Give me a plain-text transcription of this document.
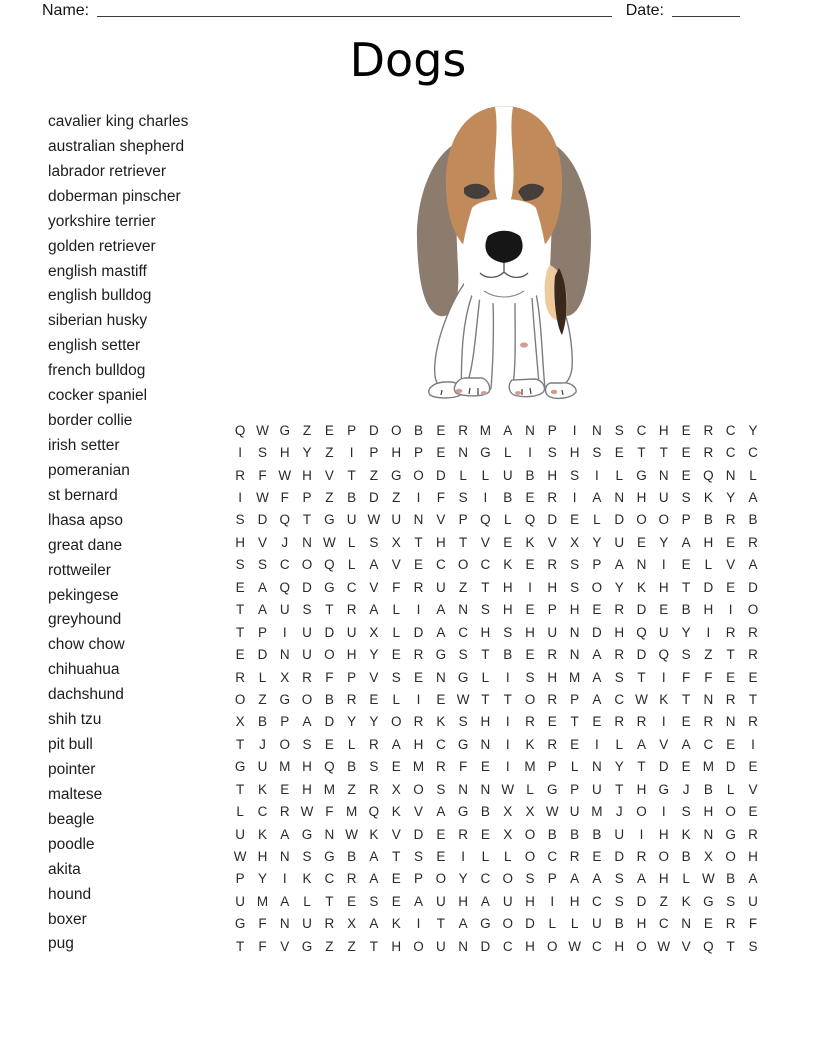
Name:	Date:
Dogs
cavalier king charles
australian shepherd
labrador retriever
doberman pinscher
yorkshire terrier
golden retriever
english mastiff
english bulldog
siberian husky
english setter
french bulldog
cocker spaniel
border collie
irish setter
pomeranian
st bernard
lhasa apso
great dane
rottweiler
pekingese
greyhound
chow chow
chihuahua
dachshund
shih tzu
pit bull
pointer
maltese
beagle
poodle
akita
hound
boxer
pug
Q W G Z	E P D O B E R M A N P	I	N S C H E R C Y
I	S H Y	Z	I	P H P E N G L	I	S H S E	T	T	E R C C
R F W H V	T	Z G O D	L	L	U B H S	I	L G N E Q N	L
I	W F	P	Z	B D Z	I	F	S	I	B E R	I	A N H U S K Y A
S D Q T G U W U N V P Q L Q D E	L	D O O P B R B
H V	J	N W L	S X	T H T	V E K V X Y U E Y A H E R
S S C O Q L	A V E C O C K E R S P A N	I	E	L	V A
E A Q D G C V	F R U Z	T H	I	H S O Y K H T D E D
T	A U S	T R A	L	I	A N S H E P H E R D E B H	I	O
T	P	I	U D U X	L	D A C H S H U N D H Q U Y	I	R R
E D N U O H Y E R G S	T	B E R N A R D Q S	Z	T R
R	L	X R F	P V S E N G L	I	S H M A S	T	I	F	F	E E
O Z G O B R E	L	I	E W T	T O R P A C W K	T N R T
X B P A D Y Y O R K S H	I	R E	T	E R R	I	E R N R
T	J	O S E	L	R A H C G N	I	K R E	I	L	A V A C E	I
G U M H Q B S E M R F	E	I	M P	L	N Y	T D E M D E
T	K E H M Z R X O S N N W L G P U T H G	J	B	L	V
L	C R W F M Q K V A G B X X W U M J	O	I	S H O E
U K A G N W K V D E R E X O B B B U	I	H K N G R
W H N S G B A	T	S E	I	L	L O C R E D R O B X O H
P Y	I	K C R A E P O Y C O S P A A S A H	L W B A
U M A	L	T	E S E A U H A U H	I	H C S D Z	K G S U
G F N U R X A K	I	T	A G O D	L	L	U B H C N E R F
T	F	V G Z	Z	T H O U N D C H O W C H O W V Q T	S
